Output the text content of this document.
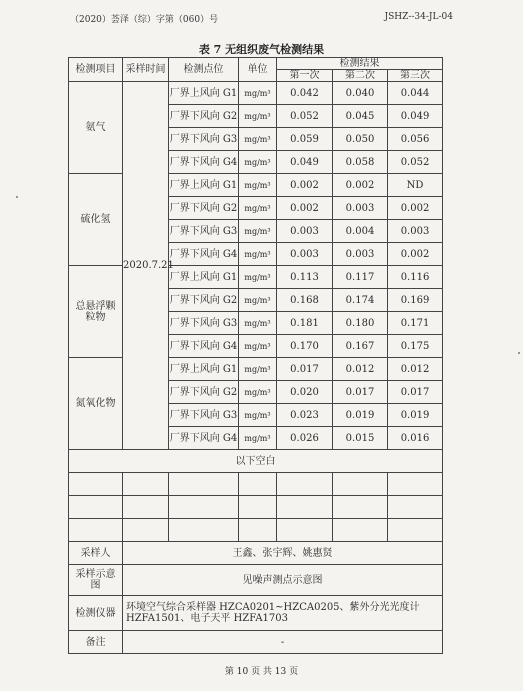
（2020）荟泽（综）字第（060）号	JSHZ--34-JL-04
表 7 无组织废气检测结果
检测项目	采样时间	检测点位	单位	检测结果		
				第一次	第二次	第三次
氨气	2020.7.21	厂界上风向 G1	mg/m³	0.042	0.040	0.044
		厂界下风向 G2	mg/m³	0.052	0.045	0.049
		厂界下风向 G3	mg/m³	0.059	0.050	0.056
		厂界下风向 G4	mg/m³	0.049	0.058	0.052
硫化氢		厂界上风向 G1	mg/m³	0.002	0.002	ND
		厂界下风向 G2	mg/m³	0.002	0.003	0.002
		厂界下风向 G3	mg/m³	0.003	0.004	0.003
		厂界下风向 G4	mg/m³	0.003	0.003	0.002
总悬浮颗粒物		厂界上风向 G1	mg/m³	0.113	0.117	0.116
		厂界下风向 G2	mg/m³	0.168	0.174	0.169
		厂界下风向 G3	mg/m³	0.181	0.180	0.171
		厂界下风向 G4	mg/m³	0.170	0.167	0.175
氮氧化物		厂界上风向 G1	mg/m³	0.017	0.012	0.012
		厂界下风向 G2	mg/m³	0.020	0.017	0.017
		厂界下风向 G3	mg/m³	0.023	0.019	0.019
		厂界下风向 G4	mg/m³	0.026	0.015	0.016
以下空白						

采样人	王鑫、张宇辉、姚惠贤					
采样示意图	见噪声测点示意图					
检测仪器	环境空气综合采样器 HZCA0201~HZCA0205、紫外分光光度计 HZFA1501、电子天平 HZFA1703					
备注	-					
第 10 页 共 13 页
